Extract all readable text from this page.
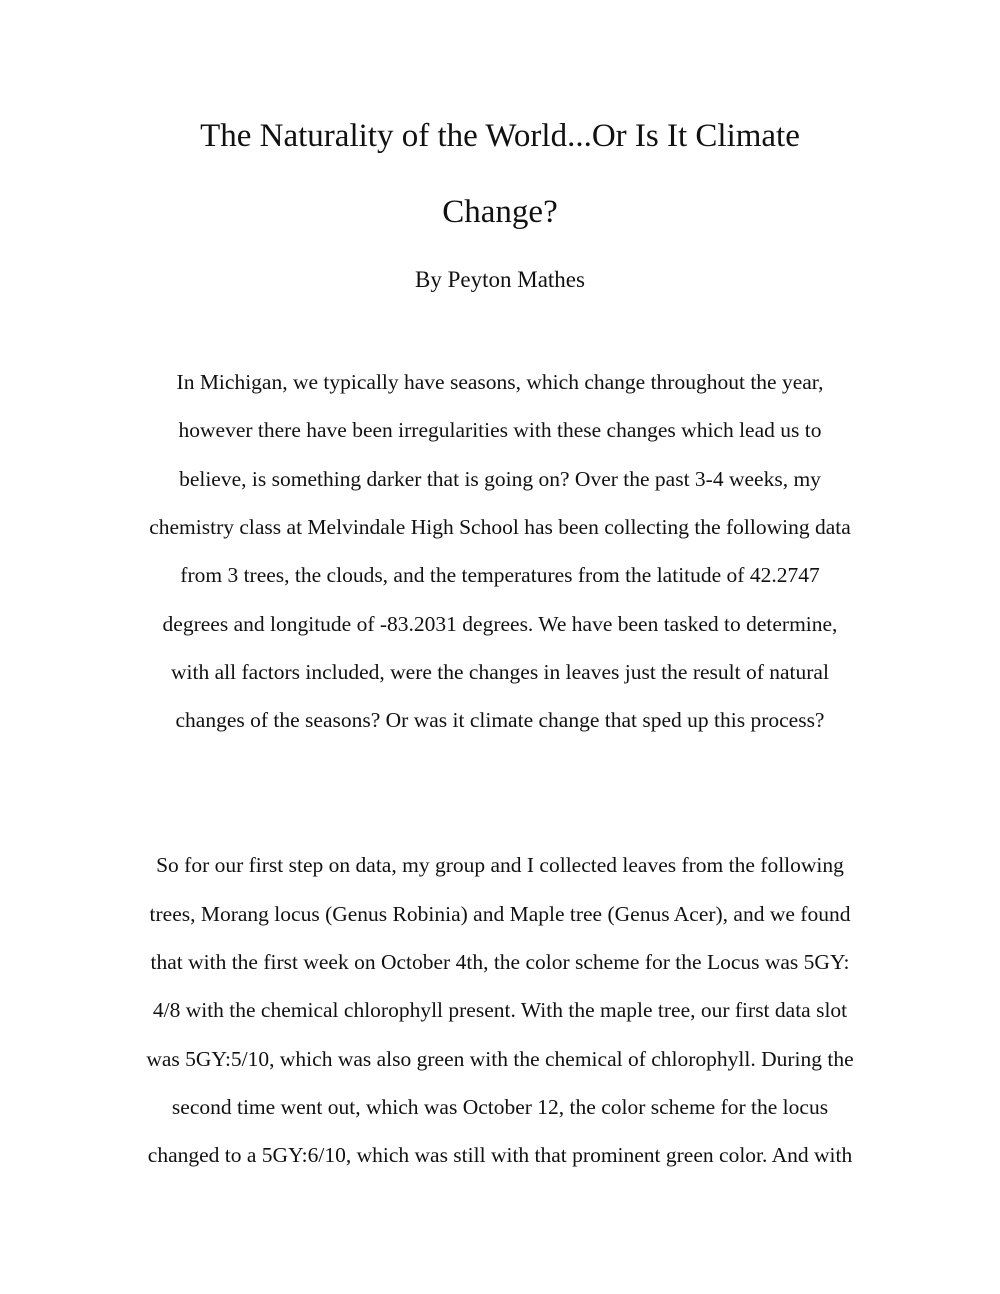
The Naturality of the World...Or Is It Climate
Change?
By Peyton Mathes
In Michigan, we typically have seasons, which change throughout the year,
however there have been irregularities with these changes which lead us to
believe, is something darker that is going on? Over the past 3-4 weeks, my
chemistry class at Melvindale High School has been collecting the following data
from 3 trees, the clouds, and the temperatures from the latitude of 42.2747
degrees and longitude of -83.2031 degrees. We have been tasked to determine,
with all factors included, were the changes in leaves just the result of natural
changes of the seasons? Or was it climate change that sped up this process?
So for our first step on data, my group and I collected leaves from the following
trees, Morang locus (Genus Robinia) and Maple tree (Genus Acer), and we found
that with the first week on October 4th, the color scheme for the Locus was 5GY:
4/8 with the chemical chlorophyll present. With the maple tree, our first data slot
was 5GY:5/10, which was also green with the chemical of chlorophyll. During the
second time went out, which was October 12, the color scheme for the locus
changed to a 5GY:6/10, which was still with that prominent green color. And with
